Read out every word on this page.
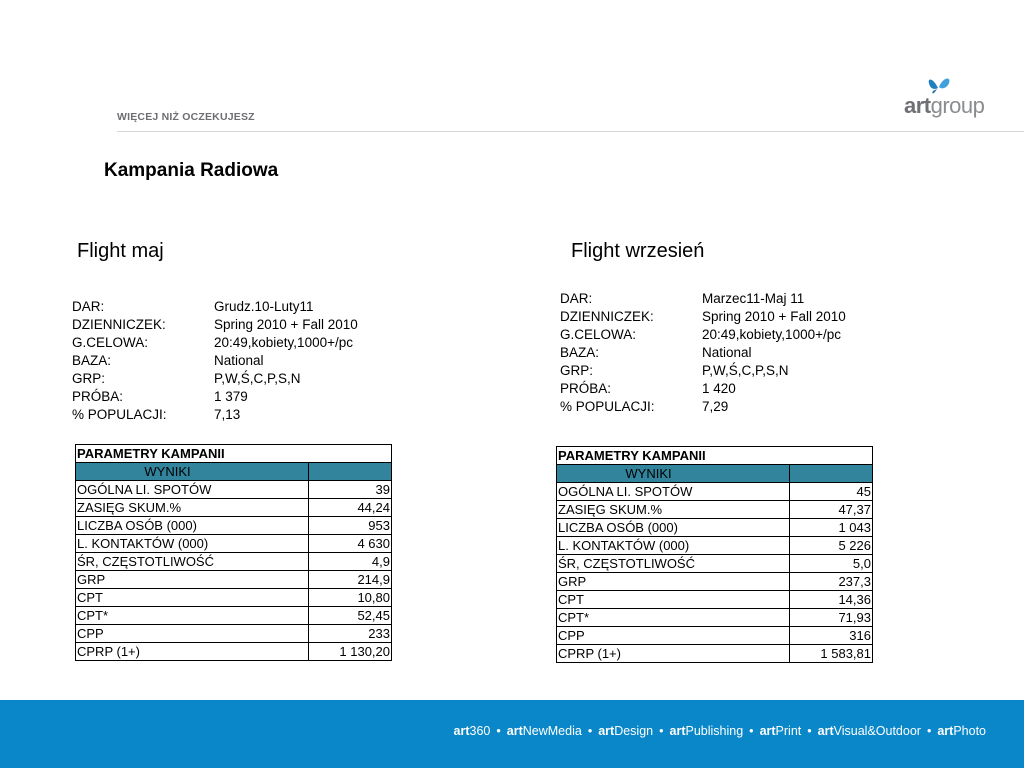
WIĘCEJ NIŻ OCZEKUJESZ	artgroup
Kampania Radiowa
Flight maj
DAR:	Grudz.10-Luty11
DZIENNICZEK:	Spring 2010 + Fall 2010
G.CELOWA:	20:49,kobiety,1000+/pc
BAZA:	National
GRP:	P,W,Ś,C,P,S,N
PRÓBA:	1 379
% POPULACJI:	7,13
PARAMETRY KAMPANII	
WYNIKI	
OGÓLNA LI. SPOTÓW	39
ZASIĘG SKUM.%	44,24
LICZBA OSÓB (000)	953
L. KONTAKTÓW (000)	4 630
ŚR, CZĘSTOTLIWOŚĆ	4,9
GRP	214,9
CPT	10,80
CPT*	52,45
CPP	233
CPRP (1+)	1 130,20
Flight wrzesień
DAR:	Marzec11-Maj 11
DZIENNICZEK:	Spring 2010 + Fall 2010
G.CELOWA:	20:49,kobiety,1000+/pc
BAZA:	National
GRP:	P,W,Ś,C,P,S,N
PRÓBA:	1 420
% POPULACJI:	7,29
PARAMETRY KAMPANII	
WYNIKI	
OGÓLNA LI. SPOTÓW	45
ZASIĘG SKUM.%	47,37
LICZBA OSÓB (000)	1 043
L. KONTAKTÓW (000)	5 226
ŚR, CZĘSTOTLIWOŚĆ	5,0
GRP	237,3
CPT	14,36
CPT*	71,93
CPP	316
CPRP (1+)	1 583,81
art360 • artNewMedia • artDesign • artPublishing • artPrint • artVisual&Outdoor • artPhoto
